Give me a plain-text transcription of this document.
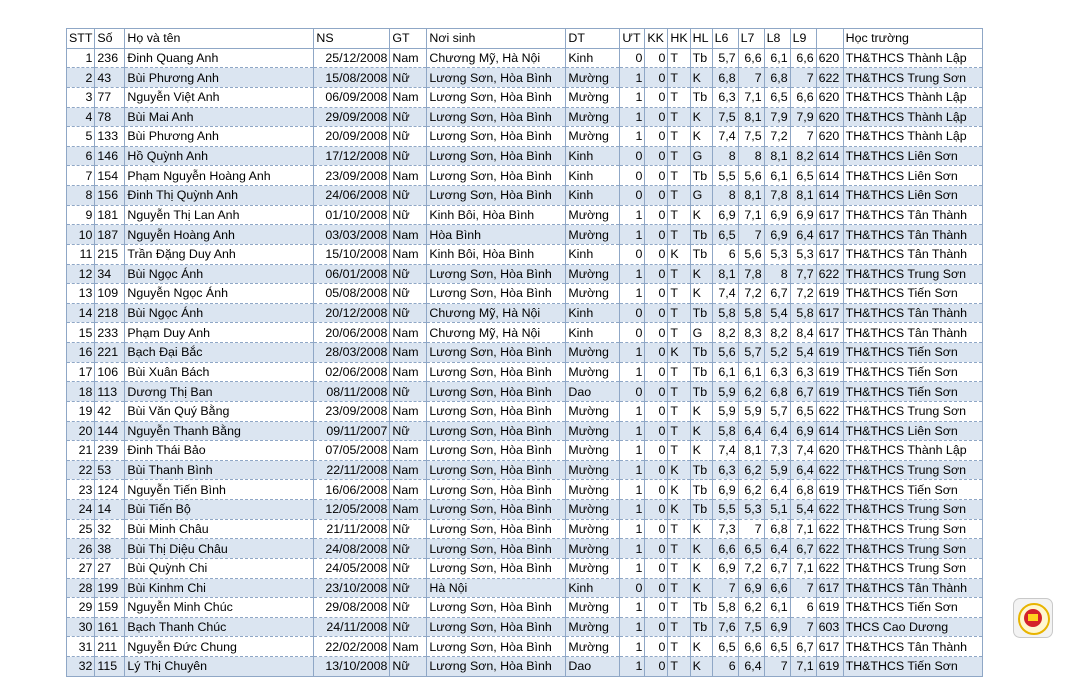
STT	Số	Họ và tên	NS	GT	Nơi sinh	DT	ƯT	KK	HK	HL	L6	L7	L8	L9		Học trường
1	236	Đinh Quang Anh	25/12/2008	Nam	Chương Mỹ, Hà Nội	Kinh	0	0	T	Tb	5,7	6,6	6,1	6,6	620	TH&THCS Thành Lập
2	43	Bùi Phương Anh	15/08/2008	Nữ	Lương Sơn, Hòa Bình	Mường	1	0	T	K	6,8	7	6,8	7	622	TH&THCS Trung Sơn
3	77	Nguyễn Việt Anh	06/09/2008	Nam	Lương Sơn, Hòa Bình	Mường	1	0	T	Tb	6,3	7,1	6,5	6,6	620	TH&THCS Thành Lập
4	78	Bùi Mai Anh	29/09/2008	Nữ	Lương Sơn, Hòa Bình	Mường	1	0	T	K	7,5	8,1	7,9	7,9	620	TH&THCS Thành Lập
5	133	Bùi Phương Anh	20/09/2008	Nữ	Lương Sơn, Hòa Bình	Mường	1	0	T	K	7,4	7,5	7,2	7	620	TH&THCS Thành Lập
6	146	Hồ Quỳnh Anh	17/12/2008	Nữ	Lương Sơn, Hòa Bình	Kinh	0	0	T	G	8	8	8,1	8,2	614	TH&THCS Liên Sơn
7	154	Phạm Nguyễn Hoàng Anh	23/09/2008	Nam	Lương Sơn, Hòa Bình	Kinh	0	0	T	Tb	5,5	5,6	6,1	6,5	614	TH&THCS Liên Sơn
8	156	Đinh Thị Quỳnh Anh	24/06/2008	Nữ	Lương Sơn, Hòa Bình	Kinh	0	0	T	G	8	8,1	7,8	8,1	614	TH&THCS Liên Sơn
9	181	Nguyễn Thị Lan Anh	01/10/2008	Nữ	Kinh Bôi, Hòa Bình	Mường	1	0	T	K	6,9	7,1	6,9	6,9	617	TH&THCS Tân Thành
10	187	Nguyễn Hoàng Anh	03/03/2008	Nam	Hòa Bình	Mường	1	0	T	Tb	6,5	7	6,9	6,4	617	TH&THCS Tân Thành
11	215	Trần Đặng Duy Anh	15/10/2008	Nam	Kinh Bôi, Hòa Bình	Kinh	0	0	K	Tb	6	5,6	5,3	5,3	617	TH&THCS Tân Thành
12	34	Bùi Ngọc Ánh	06/01/2008	Nữ	Lương Sơn, Hòa Bình	Mường	1	0	T	K	8,1	7,8	8	7,7	622	TH&THCS Trung Sơn
13	109	Nguyễn Ngọc Ánh	05/08/2008	Nữ	Lương Sơn, Hòa Bình	Mường	1	0	T	K	7,4	7,2	6,7	7,2	619	TH&THCS Tiến Sơn
14	218	Bùi Ngọc Ánh	20/12/2008	Nữ	Chương Mỹ, Hà Nội	Kinh	0	0	T	Tb	5,8	5,8	5,4	5,8	617	TH&THCS Tân Thành
15	233	Phạm Duy Anh	20/06/2008	Nam	Chương Mỹ, Hà Nội	Kinh	0	0	T	G	8,2	8,3	8,2	8,4	617	TH&THCS Tân Thành
16	221	Bạch Đại Bắc	28/03/2008	Nam	Lương Sơn, Hòa Bình	Mường	1	0	K	Tb	5,6	5,7	5,2	5,4	619	TH&THCS Tiến Sơn
17	106	Bùi Xuân Bách	02/06/2008	Nam	Lương Sơn, Hòa Bình	Mường	1	0	T	Tb	6,1	6,1	6,3	6,3	619	TH&THCS Tiến Sơn
18	113	Dương Thị Ban	08/11/2008	Nữ	Lương Sơn, Hòa Bình	Dao	0	0	T	Tb	5,9	6,2	6,8	6,7	619	TH&THCS Tiến Sơn
19	42	Bùi Văn Quý Bằng	23/09/2008	Nam	Lương Sơn, Hòa Bình	Mường	1	0	T	K	5,9	5,9	5,7	6,5	622	TH&THCS Trung Sơn
20	144	Nguyễn Thanh Bằng	09/11/2007	Nữ	Lương Sơn, Hòa Bình	Mường	1	0	T	K	5,8	6,4	6,4	6,9	614	TH&THCS Liên Sơn
21	239	Đinh Thái Bảo	07/05/2008	Nam	Lương Sơn, Hòa Bình	Mường	1	0	T	K	7,4	8,1	7,3	7,4	620	TH&THCS Thành Lập
22	53	Bùi Thanh Bình	22/11/2008	Nam	Lương Sơn, Hòa Bình	Mường	1	0	K	Tb	6,3	6,2	5,9	6,4	622	TH&THCS Trung Sơn
23	124	Nguyễn Tiến Bình	16/06/2008	Nam	Lương Sơn, Hòa Bình	Mường	1	0	K	Tb	6,9	6,2	6,4	6,8	619	TH&THCS Tiến Sơn
24	14	Bùi Tiến Bộ	12/05/2008	Nam	Lương Sơn, Hòa Bình	Mường	1	0	K	Tb	5,5	5,3	5,1	5,4	622	TH&THCS Trung Sơn
25	32	Bùi Minh Châu	21/11/2008	Nữ	Lương Sơn, Hòa Bình	Mường	1	0	T	K	7,3	7	6,8	7,1	622	TH&THCS Trung Sơn
26	38	Bùi Thị Diệu Châu	24/08/2008	Nữ	Lương Sơn, Hòa Bình	Mường	1	0	T	K	6,6	6,5	6,4	6,7	622	TH&THCS Trung Sơn
27	27	Bùi Quỳnh Chi	24/05/2008	Nữ	Lương Sơn, Hòa Bình	Mường	1	0	T	K	6,9	7,2	6,7	7,1	622	TH&THCS Trung Sơn
28	199	Bùi Kinhm Chi	23/10/2008	Nữ	Hà Nội	Kinh	0	0	T	K	7	6,9	6,6	7	617	TH&THCS Tân Thành
29	159	Nguyễn Minh Chúc	29/08/2008	Nữ	Lương Sơn, Hòa Bình	Mường	1	0	T	Tb	5,8	6,2	6,1	6	619	TH&THCS Tiến Sơn
30	161	Bạch Thanh Chúc	24/11/2008	Nữ	Lương Sơn, Hòa Bình	Mường	1	0	T	Tb	7,6	7,5	6,9	7	603	THCS Cao Dương
31	211	Nguyễn Đức Chung	22/02/2008	Nam	Lương Sơn, Hòa Bình	Mường	1	0	T	K	6,5	6,6	6,5	6,7	617	TH&THCS Tân Thành
32	115	Lý Thị Chuyên	13/10/2008	Nữ	Lương Sơn, Hòa Bình	Dao	1	0	T	K	6	6,4	7	7,1	619	TH&THCS Tiến Sơn
